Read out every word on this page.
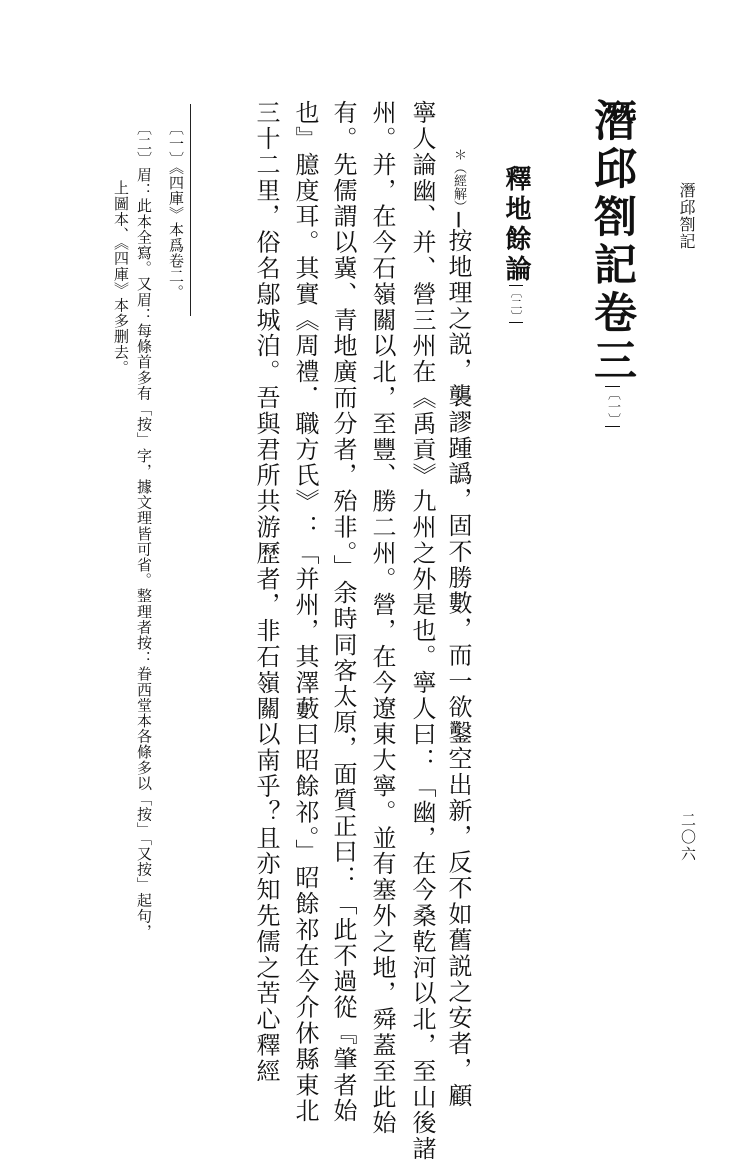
潛邱劄記
二〇六
潛邱劄記卷三〔一〕
釋地餘論〔二〕
＊（經解）┃按地理之説，襲謬踵譌，固不勝數，而一欲鑿空出新，反不如舊説之安者，顧
寧人論幽、并、營三州在《禹貢》九州之外是也。寧人曰：「幽，在今桑乾河以北，至山後諸
州。并，在今石嶺關以北，至豐、勝二州。營，在今遼東大寧。並有塞外之地，舜蓋至此始
有。先儒謂以冀、青地廣而分者，殆非。」余時同客太原，面質正曰：「此不過從『肇者始
也』臆度耳。其實《周禮．職方氏》：「并州，其澤藪曰昭餘祁。」昭餘祁在今介休縣東北
三十二里，俗名鄔城泊。吾與君所共游歷者，非石嶺關以南乎？且亦知先儒之苦心釋經
〔一〕《四庫》本爲卷二。
〔二〕眉：此本全寫。又眉：每條首多有「按」字，據文理皆可省。整理者按：眷西堂本各條多以「按」「又按」起句，
上圖本、《四庫》本多删去。
